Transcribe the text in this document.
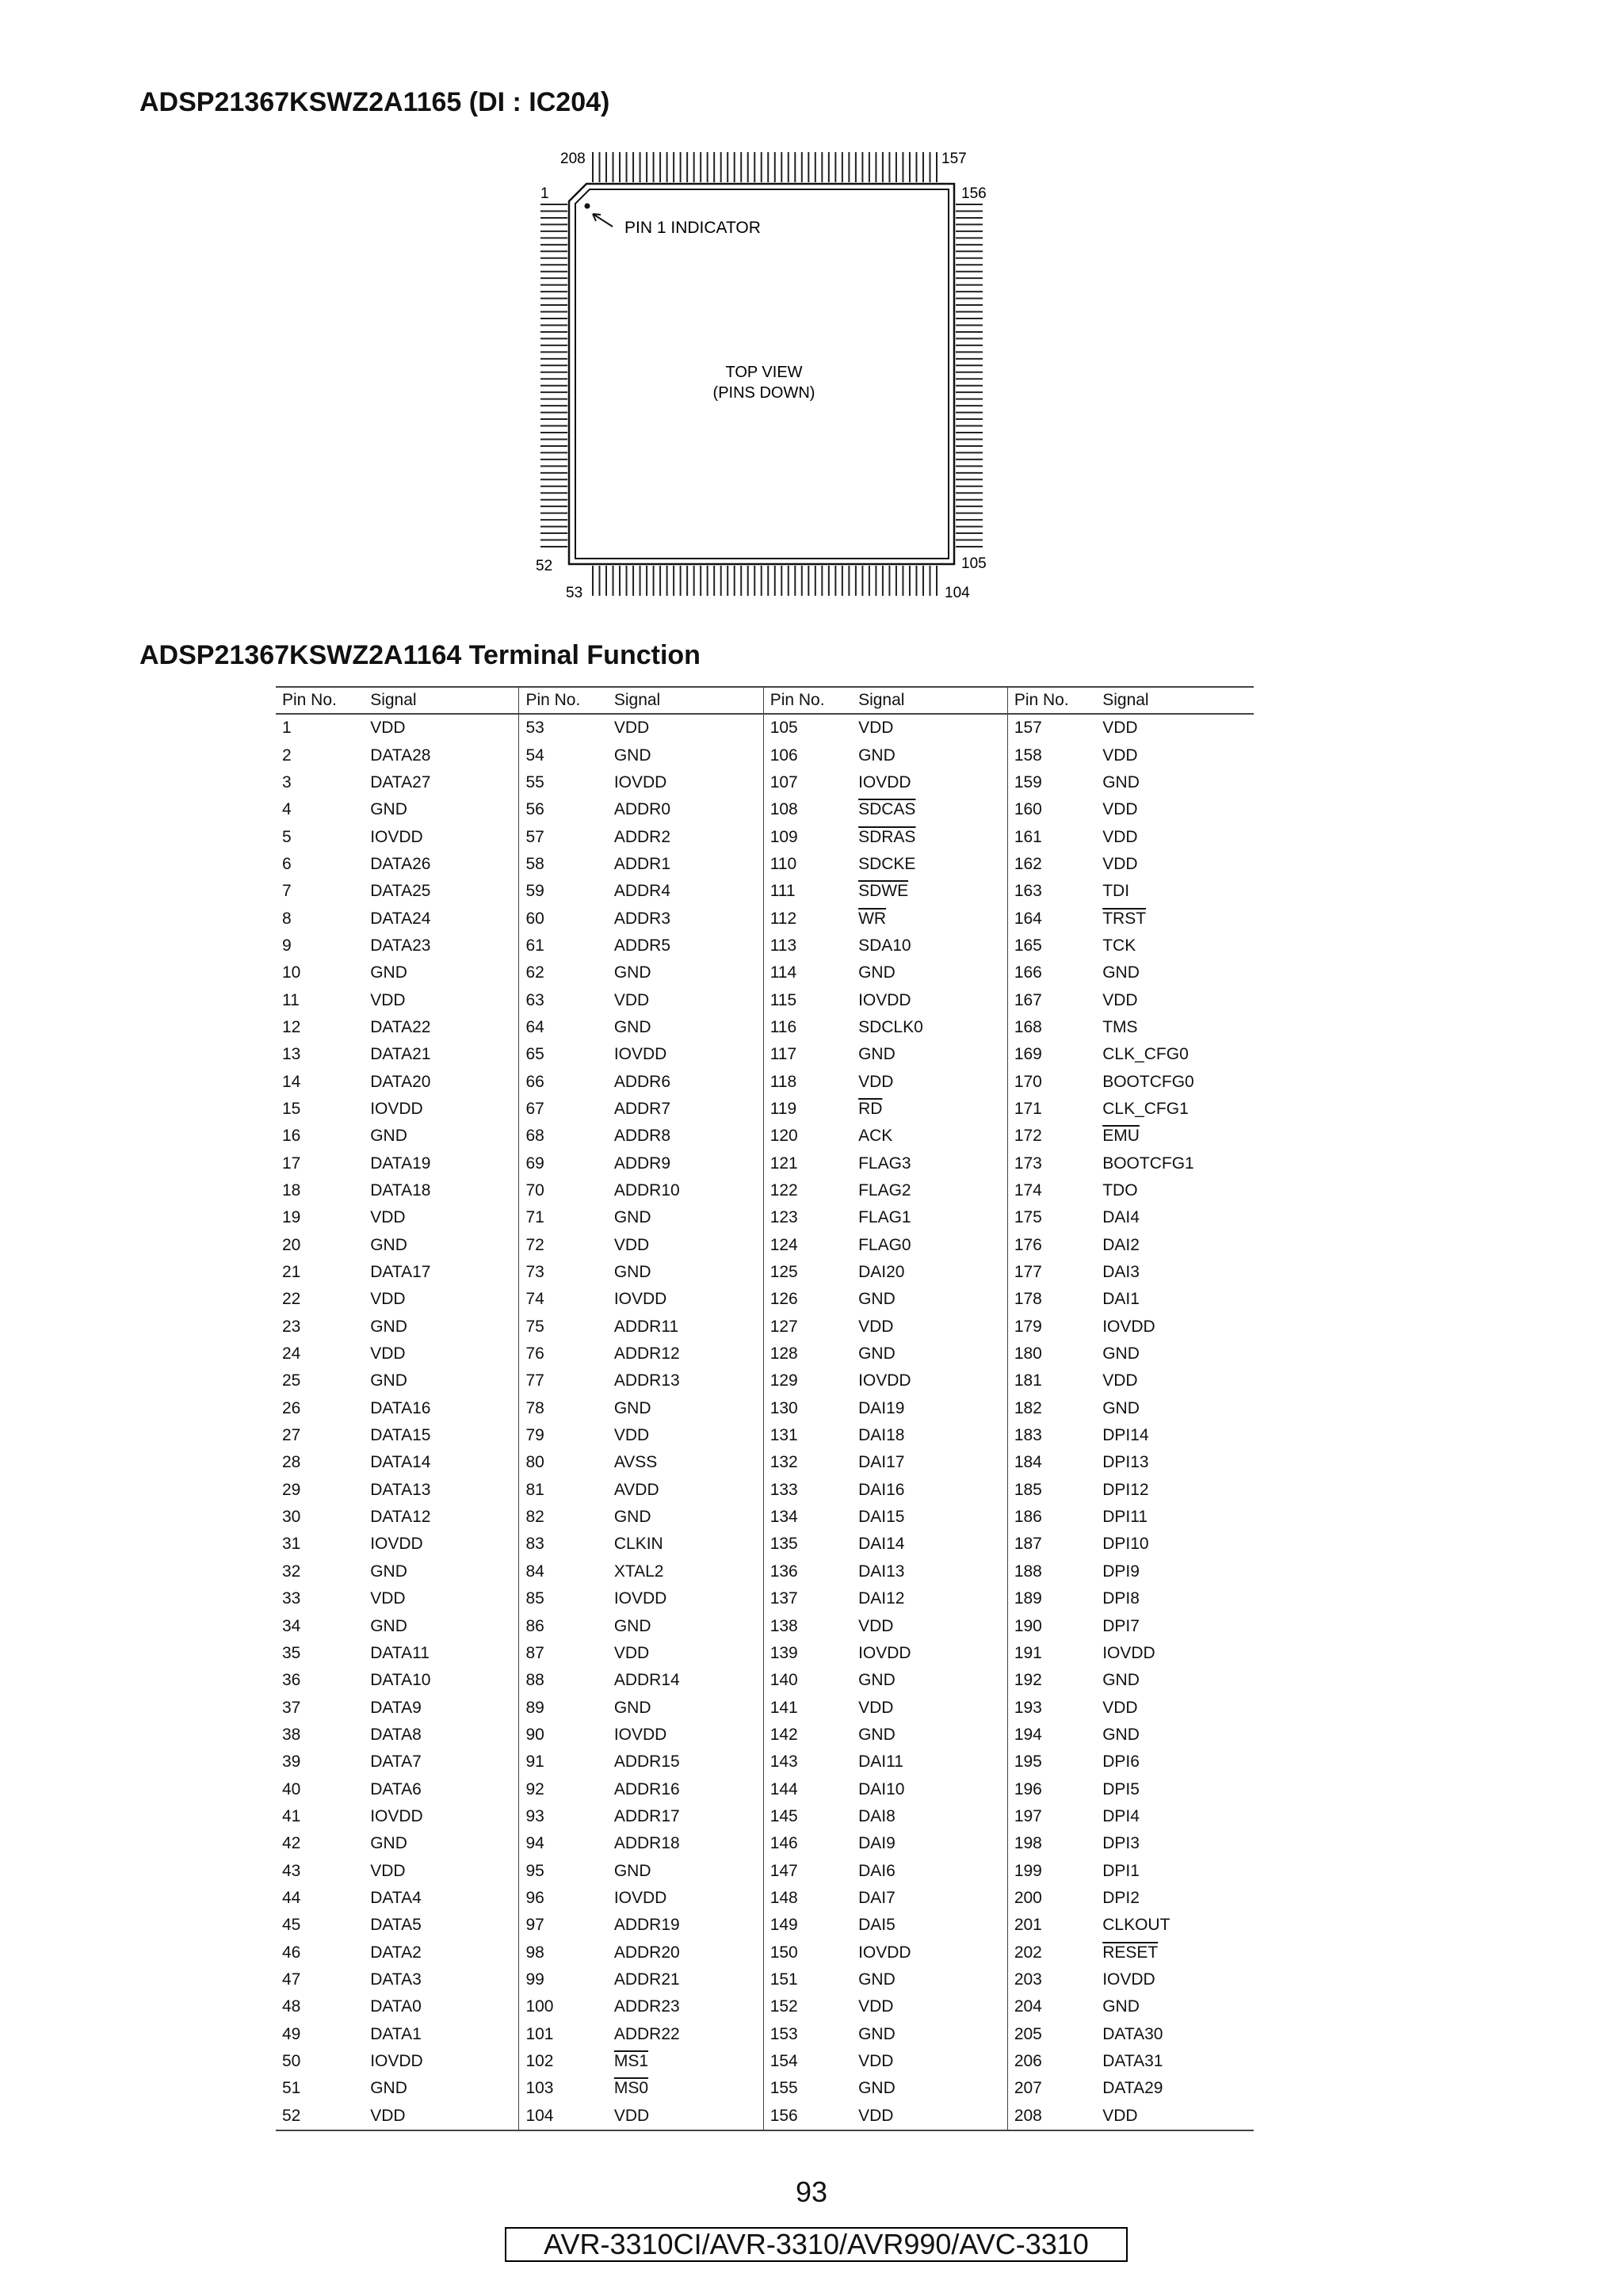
ADSP21367KSWZ2A1165 (DI : IC204)
208	157
1	156
52	105
53	104
PIN 1 INDICATOR
TOP VIEW
(PINS DOWN)
ADSP21367KSWZ2A1164 Terminal Function
Pin No.	Signal	Pin No.	Signal	Pin No.	Signal	Pin No.	Signal
1	VDD	53	VDD	105	VDD	157	VDD
2	DATA28	54	GND	106	GND	158	VDD
3	DATA27	55	IOVDD	107	IOVDD	159	GND
4	GND	56	ADDR0	108	SDCAS	160	VDD
5	IOVDD	57	ADDR2	109	SDRAS	161	VDD
6	DATA26	58	ADDR1	110	SDCKE	162	VDD
7	DATA25	59	ADDR4	111	SDWE	163	TDI
8	DATA24	60	ADDR3	112	$\overline{WR}$	164	TRST
9	DATA23	61	ADDR5	113	SDA10	165	TCK
10	GND	62	GND	114	GND	166	GND
11	VDD	63	VDD	115	IOVDD	167	VDD
12	DATA22	64	GND	116	SDCLK0	168	TMS
13	DATA21	65	IOVDD	117	GND	169	CLK_CFG0
14	DATA20	66	ADDR6	118	VDD	170	BOOTCFG0
15	IOVDD	67	ADDR7	119	$\overline{RD}$	171	CLK_CFG1
16	GND	68	ADDR8	120	ACK	172	$\overline{EMU}$
17	DATA19	69	ADDR9	121	FLAG3	173	BOOTCFG1
18	DATA18	70	ADDR10	122	FLAG2	174	TDO
19	VDD	71	GND	123	FLAG1	175	DAI4
20	GND	72	VDD	124	FLAG0	176	DAI2
21	DATA17	73	GND	125	DAI20	177	DAI3
22	VDD	74	IOVDD	126	GND	178	DAI1
23	GND	75	ADDR11	127	VDD	179	IOVDD
24	VDD	76	ADDR12	128	GND	180	GND
25	GND	77	ADDR13	129	IOVDD	181	VDD
26	DATA16	78	GND	130	DAI19	182	GND
27	DATA15	79	VDD	131	DAI18	183	DPI14
28	DATA14	80	AVSS	132	DAI17	184	DPI13
29	DATA13	81	AVDD	133	DAI16	185	DPI12
30	DATA12	82	GND	134	DAI15	186	DPI11
31	IOVDD	83	CLKIN	135	DAI14	187	DPI10
32	GND	84	XTAL2	136	DAI13	188	DPI9
33	VDD	85	IOVDD	137	DAI12	189	DPI8
34	GND	86	GND	138	VDD	190	DPI7
35	DATA11	87	VDD	139	IOVDD	191	IOVDD
36	DATA10	88	ADDR14	140	GND	192	GND
37	DATA9	89	GND	141	VDD	193	VDD
38	DATA8	90	IOVDD	142	GND	194	GND
39	DATA7	91	ADDR15	143	DAI11	195	DPI6
40	DATA6	92	ADDR16	144	DAI10	196	DPI5
41	IOVDD	93	ADDR17	145	DAI8	197	DPI4
42	GND	94	ADDR18	146	DAI9	198	DPI3
43	VDD	95	GND	147	DAI6	199	DPI1
44	DATA4	96	IOVDD	148	DAI7	200	DPI2
45	DATA5	97	ADDR19	149	DAI5	201	CLKOUT
46	DATA2	98	ADDR20	150	IOVDD	202	RESET
47	DATA3	99	ADDR21	151	GND	203	IOVDD
48	DATA0	100	ADDR23	152	VDD	204	GND
49	DATA1	101	ADDR22	153	GND	205	DATA30
50	IOVDD	102	MS1	154	VDD	206	DATA31
51	GND	103	MS0	155	GND	207	DATA29
52	VDD	104	VDD	156	VDD	208	VDD
93
AVR-3310CI/AVR-3310/AVR990/AVC-3310
